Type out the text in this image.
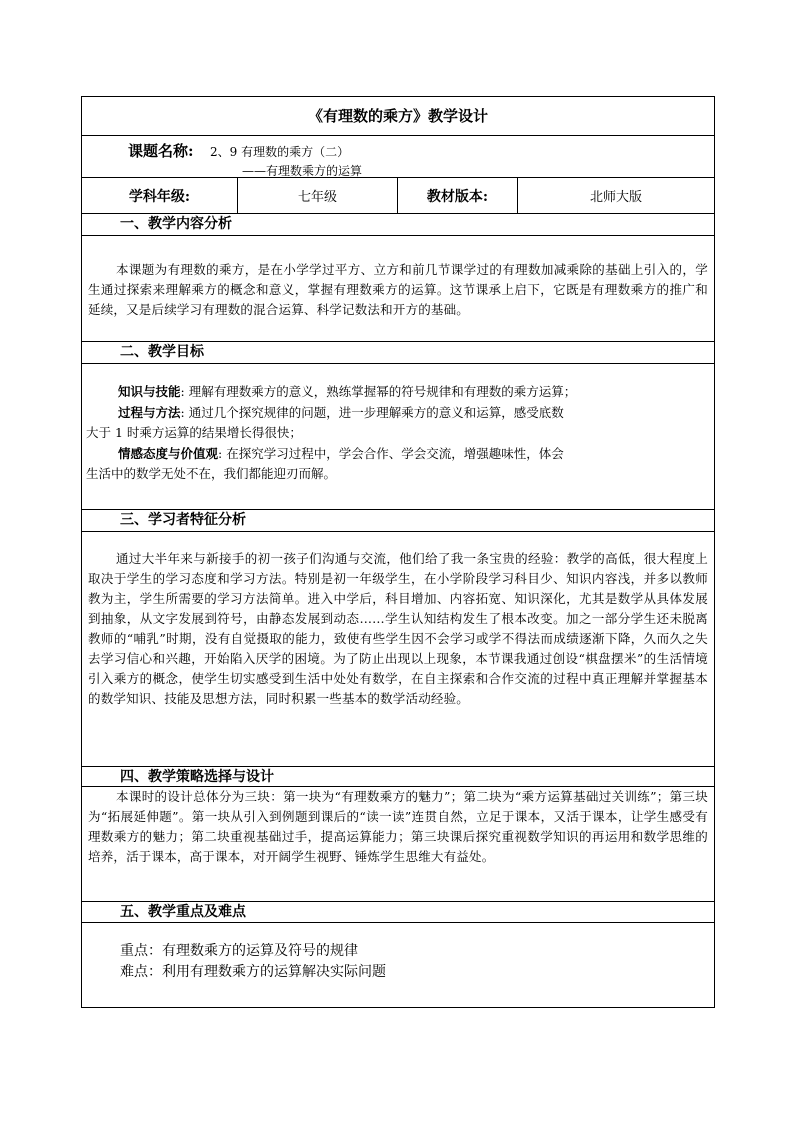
《有理数的乘方》教学设计
课题名称: 2、9 有理数的乘方（二）
——有理数乘方的运算
学科年级:	七年级	教材版本:	北师大版
一、教学内容分析
本课题为有理数的乘方，是在小学学过平方、立方和前几节课学过的有理数加减乘除的基础上引入的，学生通过探索来理解乘方的概念和意义，掌握有理数乘方的运算。这节课承上启下，它既是有理数乘方的推广和延续，又是后续学习有理数的混合运算、科学记数法和开方的基础。
二、教学目标
知识与技能: 理解有理数乘方的意义，熟练掌握幂的符号规律和有理数的乘方运算；
过程与方法: 通过几个探究规律的问题，进一步理解乘方的意义和运算，感受底数
大于 1 时乘方运算的结果增长得很快；
情感态度与价值观: 在探究学习过程中，学会合作、学会交流，增强趣味性，体会
生活中的数学无处不在，我们都能迎刃而解。
三、学习者特征分析
通过大半年来与新接手的初一孩子们沟通与交流，他们给了我一条宝贵的经验：教学的高低，很大程度上取决于学生的学习态度和学习方法。特别是初一年级学生，在小学阶段学习科目少、知识内容浅，并多以教师教为主，学生所需要的学习方法简单。进入中学后，科目增加、内容拓宽、知识深化，尤其是数学从具体发展到抽象，从文字发展到符号，由静态发展到动态……学生认知结构发生了根本改变。加之一部分学生还未脱离教师的“哺乳”时期，没有自觉摄取的能力，致使有些学生因不会学习或学不得法而成绩逐渐下降，久而久之失去学习信心和兴趣，开始陷入厌学的困境。为了防止出现以上现象，本节课我通过创设“棋盘摆米”的生活情境引入乘方的概念，使学生切实感受到生活中处处有数学，在自主探索和合作交流的过程中真正理解并掌握基本的数学知识、技能及思想方法，同时积累一些基本的数学活动经验。
四、教学策略选择与设计
本课时的设计总体分为三块：第一块为“有理数乘方的魅力”；第二块为“乘方运算基础过关训练”；第三块为“拓展延伸题”。第一块从引入到例题到课后的“读一读”连贯自然，立足于课本，又活于课本，让学生感受有理数乘方的魅力；第二块重视基础过手，提高运算能力；第三块课后探究重视数学知识的再运用和数学思维的培养，活于课本，高于课本，对开阔学生视野、锤炼学生思维大有益处。
五、教学重点及难点
重点：有理数乘方的运算及符号的规律
难点：利用有理数乘方的运算解决实际问题
